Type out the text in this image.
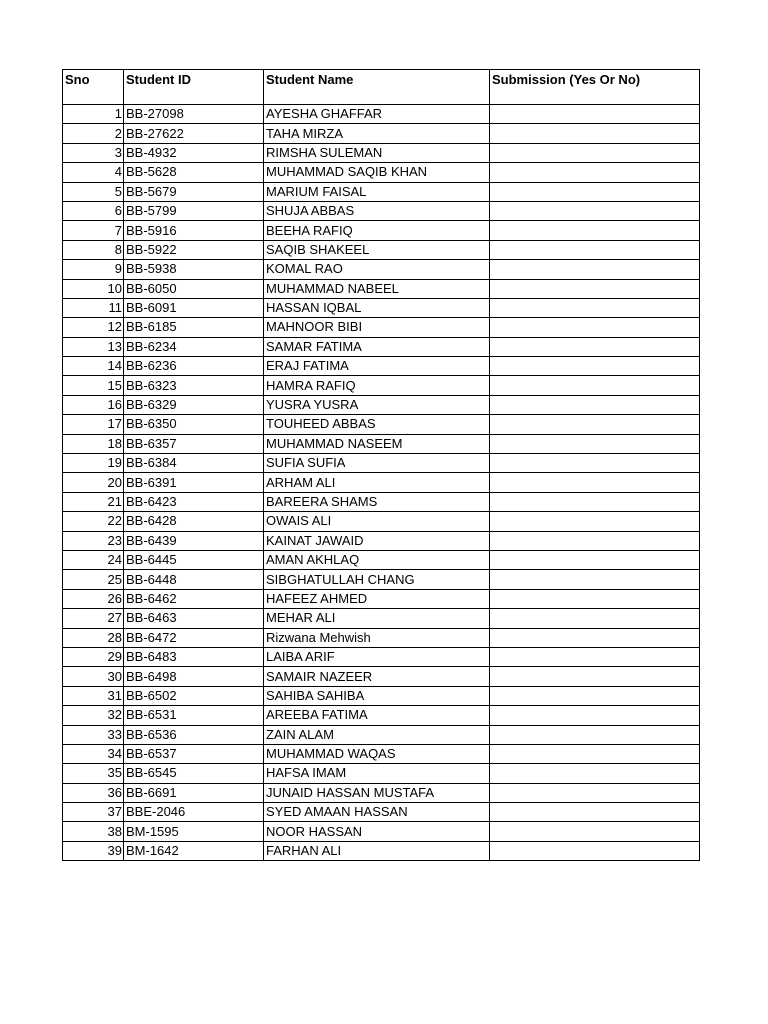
Sno	Student ID	Student Name	Submission (Yes Or No)
1	BB-27098	AYESHA GHAFFAR	
2	BB-27622	TAHA MIRZA	
3	BB-4932	RIMSHA SULEMAN	
4	BB-5628	MUHAMMAD SAQIB KHAN	
5	BB-5679	MARIUM FAISAL	
6	BB-5799	SHUJA ABBAS	
7	BB-5916	BEEHA RAFIQ	
8	BB-5922	SAQIB SHAKEEL	
9	BB-5938	KOMAL RAO	
10	BB-6050	MUHAMMAD NABEEL	
11	BB-6091	HASSAN IQBAL	
12	BB-6185	MAHNOOR BIBI	
13	BB-6234	SAMAR FATIMA	
14	BB-6236	ERAJ FATIMA	
15	BB-6323	HAMRA RAFIQ	
16	BB-6329	YUSRA YUSRA	
17	BB-6350	TOUHEED ABBAS	
18	BB-6357	MUHAMMAD NASEEM	
19	BB-6384	SUFIA SUFIA	
20	BB-6391	ARHAM ALI	
21	BB-6423	BAREERA SHAMS	
22	BB-6428	OWAIS ALI	
23	BB-6439	KAINAT JAWAID	
24	BB-6445	AMAN AKHLAQ	
25	BB-6448	SIBGHATULLAH CHANG	
26	BB-6462	HAFEEZ AHMED	
27	BB-6463	MEHAR ALI	
28	BB-6472	Rizwana Mehwish	
29	BB-6483	LAIBA ARIF	
30	BB-6498	SAMAIR NAZEER	
31	BB-6502	SAHIBA SAHIBA	
32	BB-6531	AREEBA FATIMA	
33	BB-6536	ZAIN ALAM	
34	BB-6537	MUHAMMAD WAQAS	
35	BB-6545	HAFSA IMAM	
36	BB-6691	JUNAID HASSAN MUSTAFA	
37	BBE-2046	SYED AMAAN HASSAN	
38	BM-1595	NOOR HASSAN	
39	BM-1642	FARHAN ALI	
